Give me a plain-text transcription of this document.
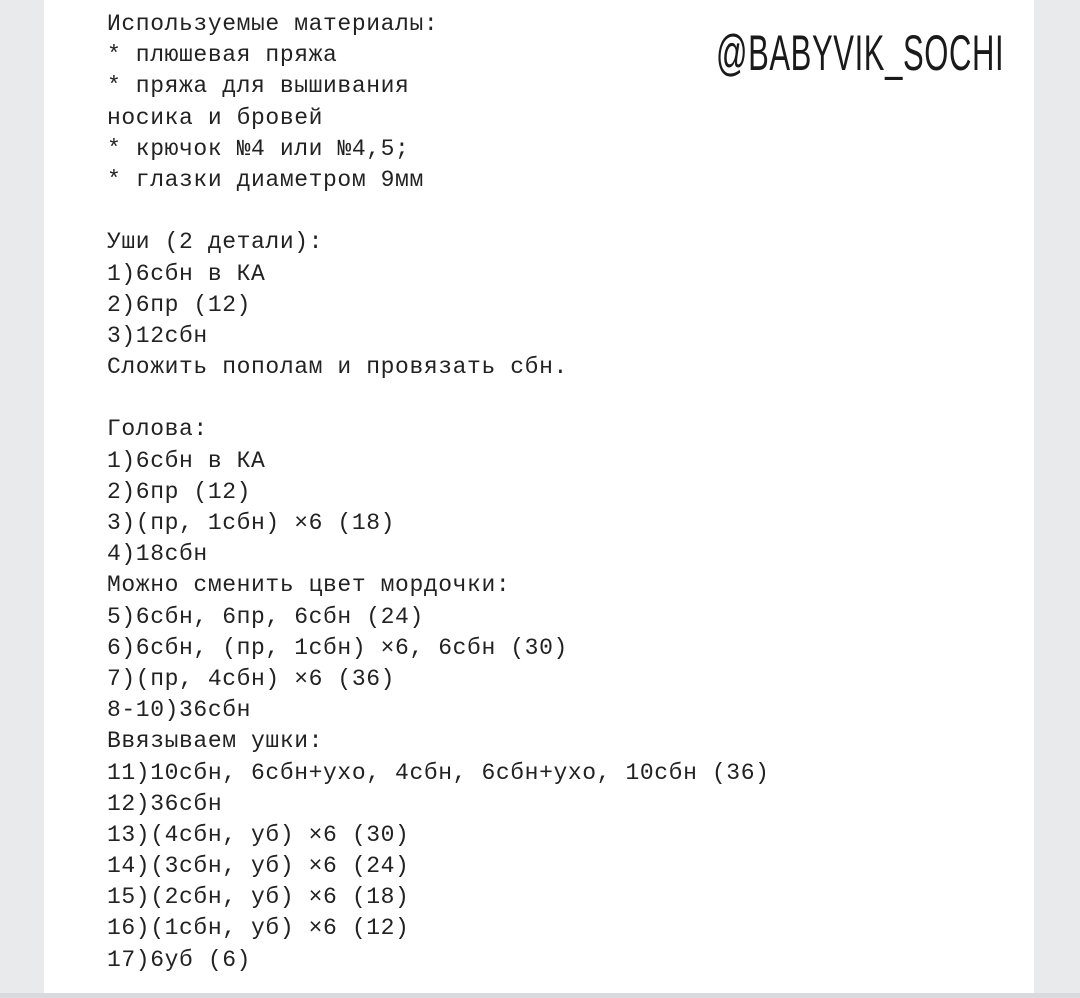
@BABYVIK_SOCHI
Используемые материалы:
* плюшевая пряжа
* пряжа для вышивания
носика и бровей
* крючок №4 или №4,5;
* глазки диаметром 9мм
Уши (2 детали):
1)6сбн в КА
2)6пр (12)
3)12сбн
Сложить пополам и провязать сбн.
Голова:
1)6сбн в КА
2)6пр (12)
3)(пр, 1сбн) ×6 (18)
4)18сбн
Можно сменить цвет мордочки:
5)6сбн, 6пр, 6сбн (24)
6)6сбн, (пр, 1сбн) ×6, 6сбн (30)
7)(пр, 4сбн) ×6 (36)
8-10)36сбн
Ввязываем ушки:
11)10сбн, 6сбн+ухо, 4сбн, 6сбн+ухо, 10сбн (36)
12)36сбн
13)(4сбн, уб) ×6 (30)
14)(3сбн, уб) ×6 (24)
15)(2сбн, уб) ×6 (18)
16)(1сбн, уб) ×6 (12)
17)6уб (6)
